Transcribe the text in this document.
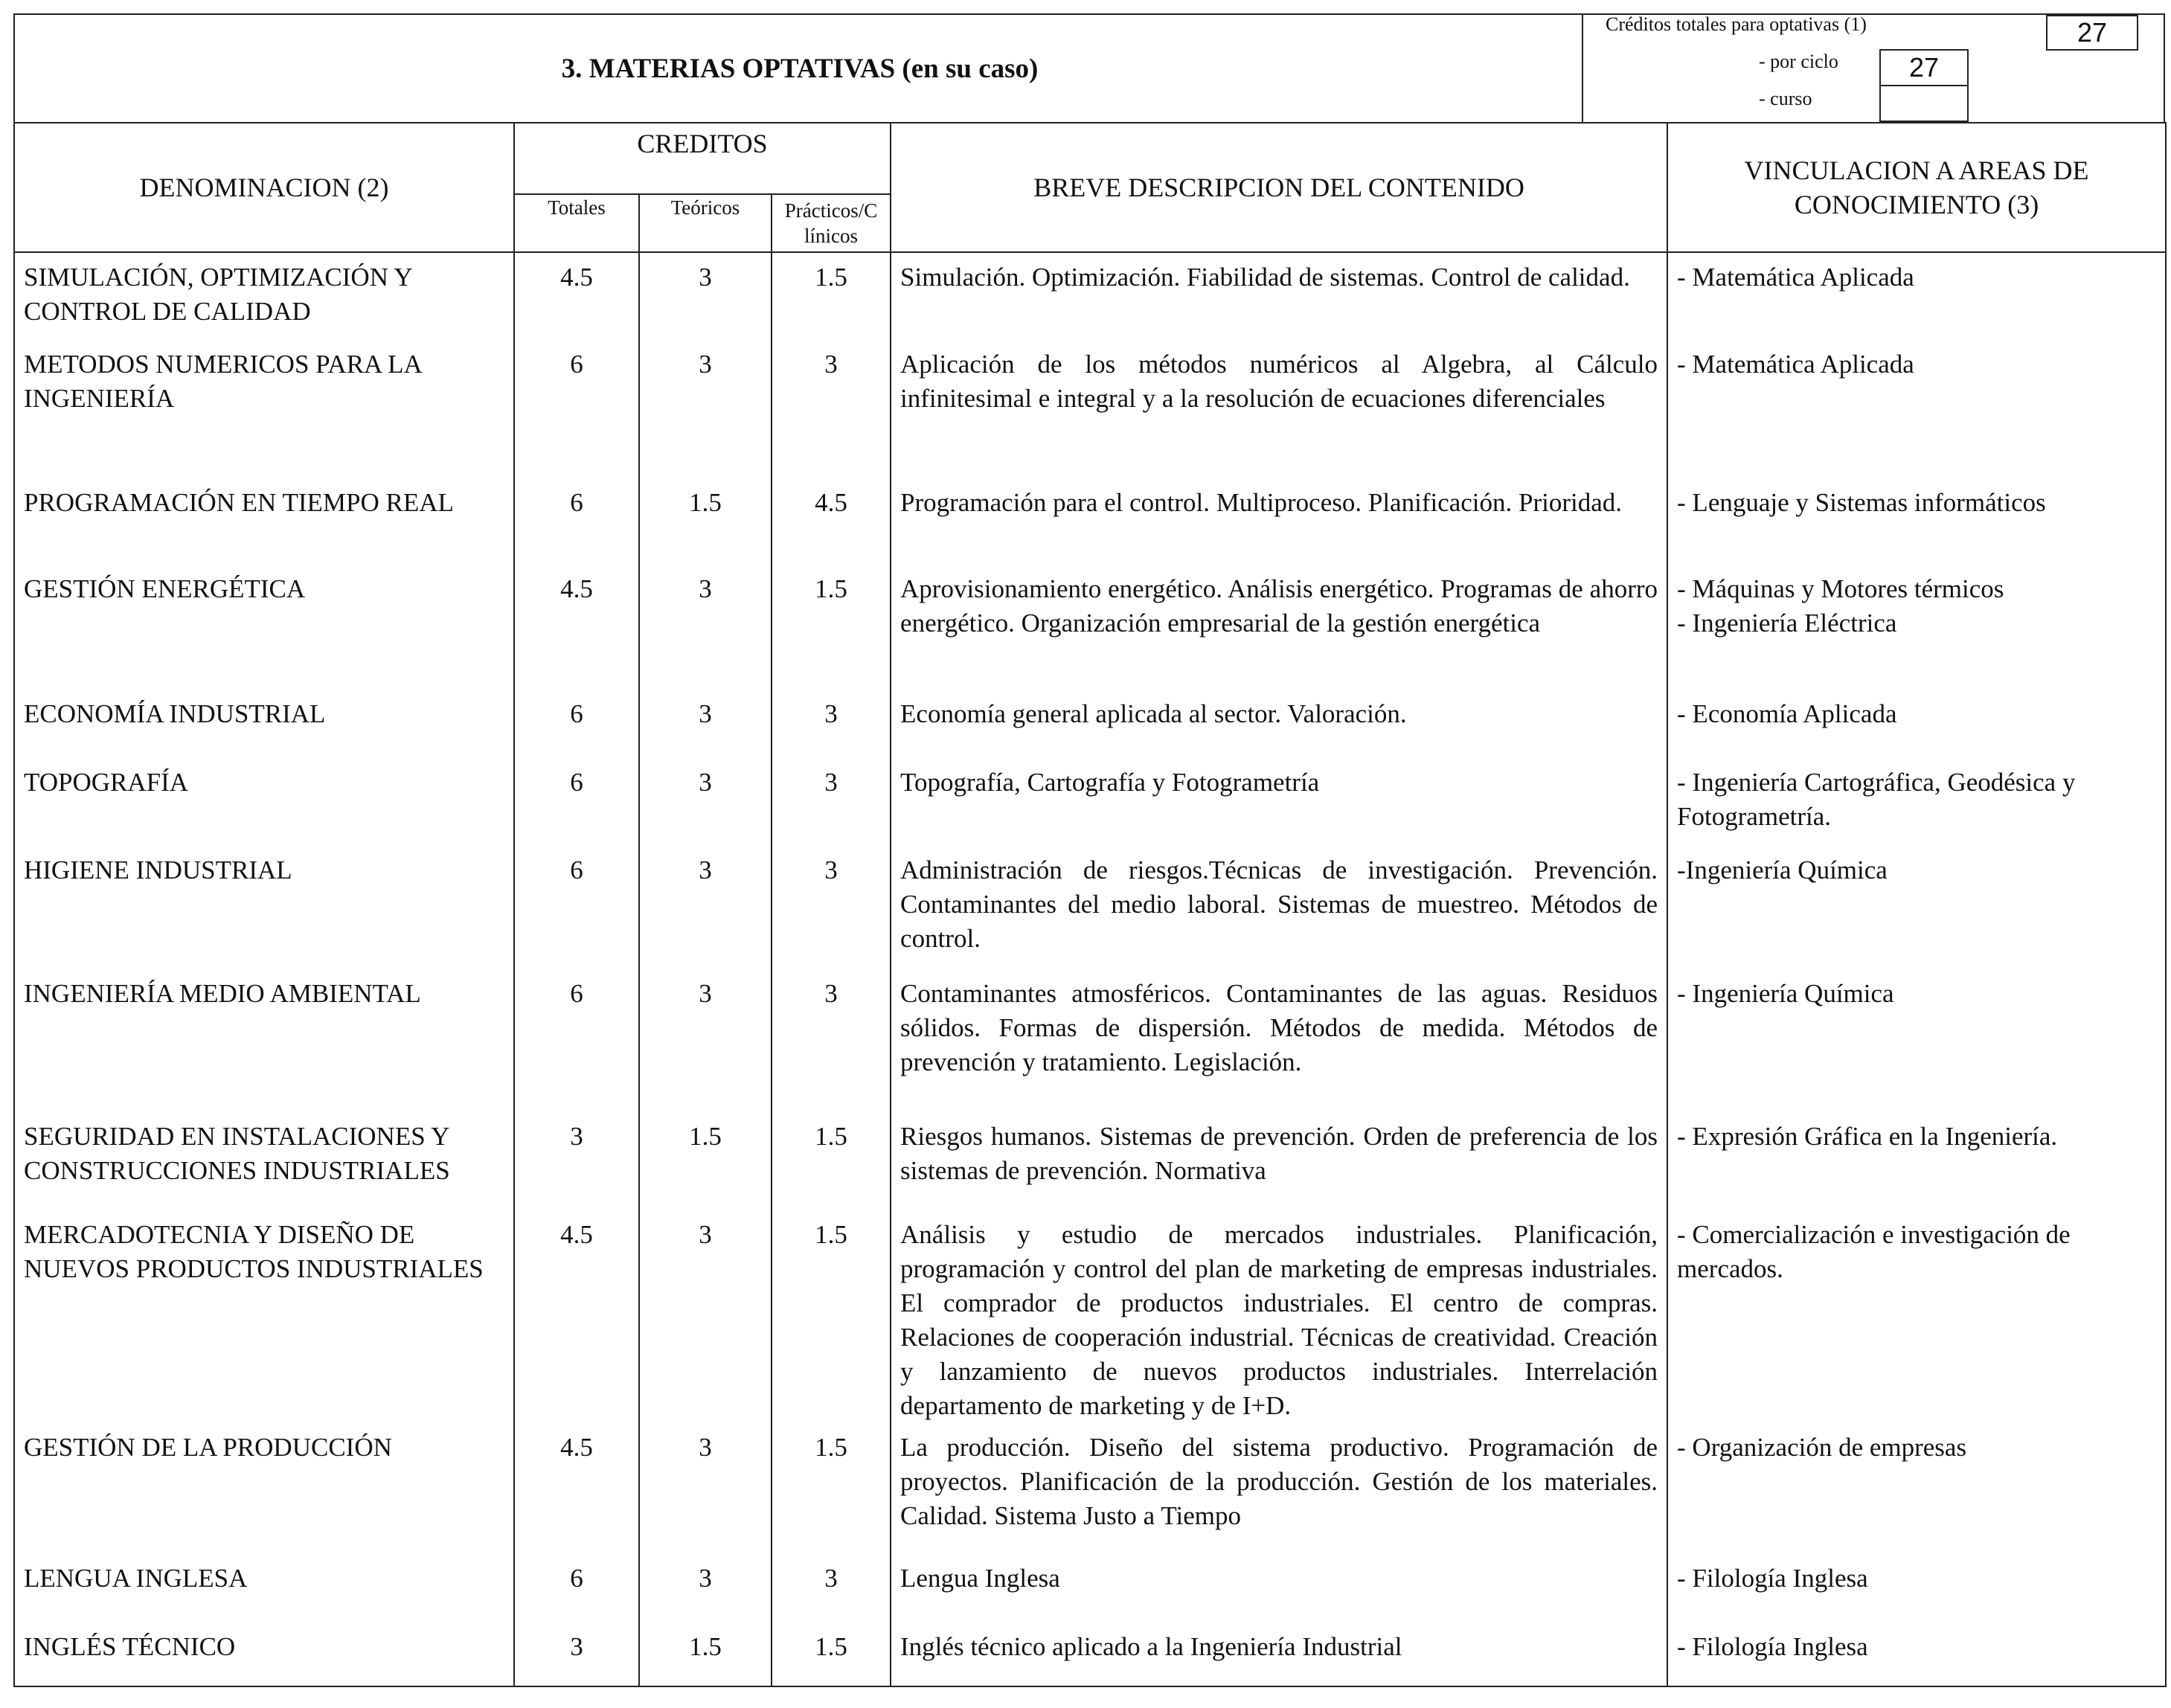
3. MATERIAS OPTATIVAS (en su caso)
Créditos totales para optativas (1)	27
- por ciclo	27
- curso
DENOMINACION (2)	CREDITOS			BREVE DESCRIPCION DEL CONTENIDO	VINCULACION A AREAS DE CONOCIMIENTO (3)
	Totales	Teóricos	Prácticos/C línicos		
SIMULACIÓN, OPTIMIZACIÓN Y CONTROL DE CALIDAD	4.5	3	1.5	Simulación. Optimización. Fiabilidad de sistemas. Control de calidad.	- Matemática Aplicada
METODOS NUMERICOS PARA LA INGENIERÍA	6	3	3	Aplicación de los métodos numéricos al Algebra, al Cálculo infinitesimal e integral y a la resolución de ecuaciones diferenciales	- Matemática Aplicada
PROGRAMACIÓN EN TIEMPO REAL	6	1.5	4.5	Programación para el control. Multiproceso. Planificación. Prioridad.	- Lenguaje y Sistemas informáticos
GESTIÓN ENERGÉTICA	4.5	3	1.5	Aprovisionamiento energético. Análisis energético. Programas de ahorro energético. Organización empresarial de la gestión energética	- Máquinas y Motores térmicos
- Ingeniería Eléctrica
ECONOMÍA INDUSTRIAL	6	3	3	Economía general aplicada al sector. Valoración.	- Economía Aplicada
TOPOGRAFÍA	6	3	3	Topografía, Cartografía y Fotogrametría	- Ingeniería Cartográfica, Geodésica y Fotogrametría.
HIGIENE INDUSTRIAL	6	3	3	Administración de riesgos.Técnicas de investigación. Prevención. Contaminantes del medio laboral. Sistemas de muestreo. Métodos de control.	-Ingeniería Química
INGENIERÍA MEDIO AMBIENTAL	6	3	3	Contaminantes atmosféricos. Contaminantes de las aguas. Residuos sólidos. Formas de dispersión. Métodos de medida. Métodos de prevención y tratamiento. Legislación.	- Ingeniería Química
SEGURIDAD EN INSTALACIONES Y CONSTRUCCIONES INDUSTRIALES	3	1.5	1.5	Riesgos humanos. Sistemas de prevención. Orden de preferencia de los sistemas de prevención. Normativa	- Expresión Gráfica en la Ingeniería.
MERCADOTECNIA Y DISEÑO DE NUEVOS PRODUCTOS INDUSTRIALES	4.5	3	1.5	Análisis y estudio de mercados industriales. Planificación, programación y control del plan de marketing de empresas industriales. El comprador de productos industriales. El centro de compras. Relaciones de cooperación industrial. Técnicas de creatividad. Creación y lanzamiento de nuevos productos industriales. Interrelación departamento de marketing y de I+D.	- Comercialización e investigación de mercados.
GESTIÓN DE LA PRODUCCIÓN	4.5	3	1.5	La producción. Diseño del sistema productivo. Programación de proyectos. Planificación de la producción. Gestión de los materiales. Calidad. Sistema Justo a Tiempo	- Organización de empresas
LENGUA INGLESA	6	3	3	Lengua Inglesa	- Filología Inglesa
INGLÉS TÉCNICO	3	1.5	1.5	Inglés técnico aplicado a la Ingeniería Industrial	- Filología Inglesa
